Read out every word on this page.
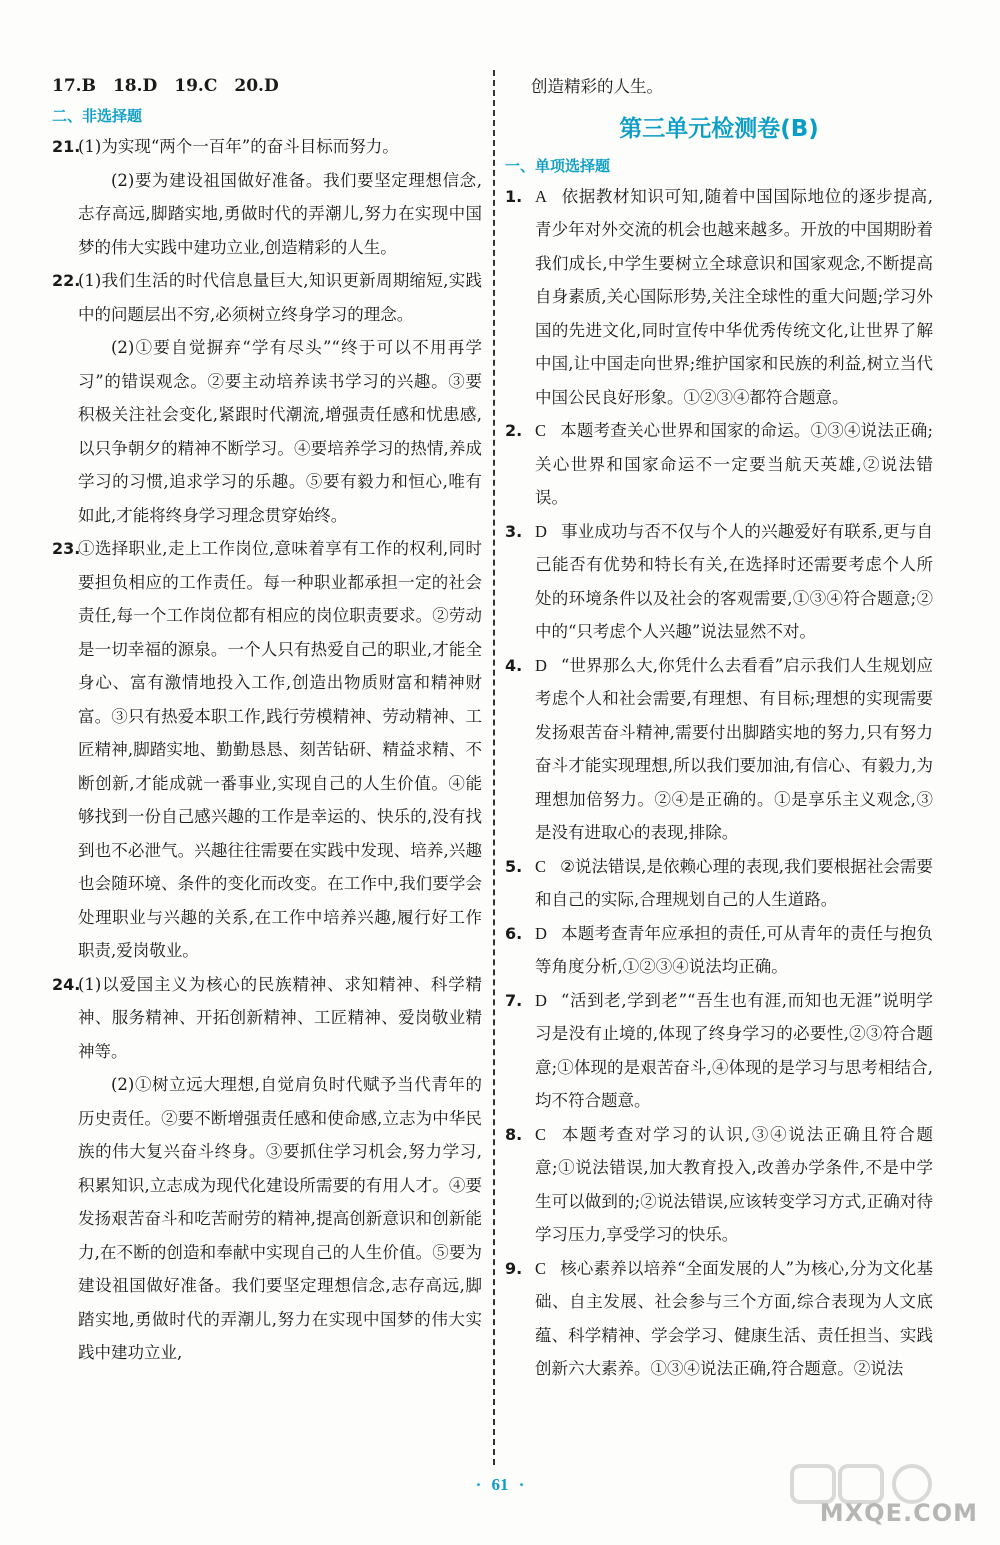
17.B　18.D　19.C　20.D
二、非选择题
21.
(1)为实现“两个一百年”的奋斗目标而努力。
(2)要为建设祖国做好准备。我们要坚定理想信念,志存高远,脚踏实地,勇做时代的弄潮儿,努力在实现中国梦的伟大实践中建功立业,创造精彩的人生。
22.
(1)我们生活的时代信息量巨大,知识更新周期缩短,实践中的问题层出不穷,必须树立终身学习的理念。
(2)①要自觉摒弃“学有尽头”“终于可以不用再学习”的错误观念。②要主动培养读书学习的兴趣。③要积极关注社会变化,紧跟时代潮流,增强责任感和忧患感,以只争朝夕的精神不断学习。④要培养学习的热情,养成学习的习惯,追求学习的乐趣。⑤要有毅力和恒心,唯有如此,才能将终身学习理念贯穿始终。
23.
①选择职业,走上工作岗位,意味着享有工作的权利,同时要担负相应的工作责任。每一种职业都承担一定的社会责任,每一个工作岗位都有相应的岗位职责要求。②劳动是一切幸福的源泉。一个人只有热爱自己的职业,才能全身心、富有激情地投入工作,创造出物质财富和精神财富。③只有热爱本职工作,践行劳模精神、劳动精神、工匠精神,脚踏实地、勤勤恳恳、刻苦钻研、精益求精、不断创新,才能成就一番事业,实现自己的人生价值。④能够找到一份自己感兴趣的工作是幸运的、快乐的,没有找到也不必泄气。兴趣往往需要在实践中发现、培养,兴趣也会随环境、条件的变化而改变。在工作中,我们要学会处理职业与兴趣的关系,在工作中培养兴趣,履行好工作职责,爱岗敬业。
24.
(1)以爱国主义为核心的民族精神、求知精神、科学精神、服务精神、开拓创新精神、工匠精神、爱岗敬业精神等。
(2)①树立远大理想,自觉肩负时代赋予当代青年的历史责任。②要不断增强责任感和使命感,立志为中华民族的伟大复兴奋斗终身。③要抓住学习机会,努力学习,积累知识,立志成为现代化建设所需要的有用人才。④要发扬艰苦奋斗和吃苦耐劳的精神,提高创新意识和创新能力,在不断的创造和奉献中实现自己的人生价值。⑤要为建设祖国做好准备。我们要坚定理想信念,志存高远,脚踏实地,勇做时代的弄潮儿,努力在实现中国梦的伟大实践中建功立业,
创造精彩的人生。
第三单元检测卷(B)
一、单项选择题
1. A 依据教材知识可知,随着中国国际地位的逐步提高,青少年对外交流的机会也越来越多。开放的中国期盼着我们成长,中学生要树立全球意识和国家观念,不断提高自身素质,关心国际形势,关注全球性的重大问题;学习外国的先进文化,同时宣传中华优秀传统文化,让世界了解中国,让中国走向世界;维护国家和民族的利益,树立当代中国公民良好形象。①②③④都符合题意。
2. C 本题考查关心世界和国家的命运。①③④说法正确;关心世界和国家命运不一定要当航天英雄,②说法错误。
3. D 事业成功与否不仅与个人的兴趣爱好有联系,更与自己能否有优势和特长有关,在选择时还需要考虑个人所处的环境条件以及社会的客观需要,①③④符合题意;②中的“只考虑个人兴趣”说法显然不对。
4. D “世界那么大,你凭什么去看看”启示我们人生规划应考虑个人和社会需要,有理想、有目标;理想的实现需要发扬艰苦奋斗精神,需要付出脚踏实地的努力,只有努力奋斗才能实现理想,所以我们要加油,有信心、有毅力,为理想加倍努力。②④是正确的。①是享乐主义观念,③是没有进取心的表现,排除。
5. C ②说法错误,是依赖心理的表现,我们要根据社会需要和自己的实际,合理规划自己的人生道路。
6. D 本题考查青年应承担的责任,可从青年的责任与抱负等角度分析,①②③④说法均正确。
7. D “活到老,学到老”“吾生也有涯,而知也无涯”说明学习是没有止境的,体现了终身学习的必要性,②③符合题意;①体现的是艰苦奋斗,④体现的是学习与思考相结合,均不符合题意。
8. C 本题考查对学习的认识,③④说法正确且符合题意;①说法错误,加大教育投入,改善办学条件,不是中学生可以做到的;②说法错误,应该转变学习方式,正确对待学习压力,享受学习的快乐。
9. C 核心素养以培养“全面发展的人”为核心,分为文化基础、自主发展、社会参与三个方面,综合表现为人文底蕴、科学精神、学会学习、健康生活、责任担当、实践创新六大素养。①③④说法正确,符合题意。②说法
· 61 ·
MXQE.COM
